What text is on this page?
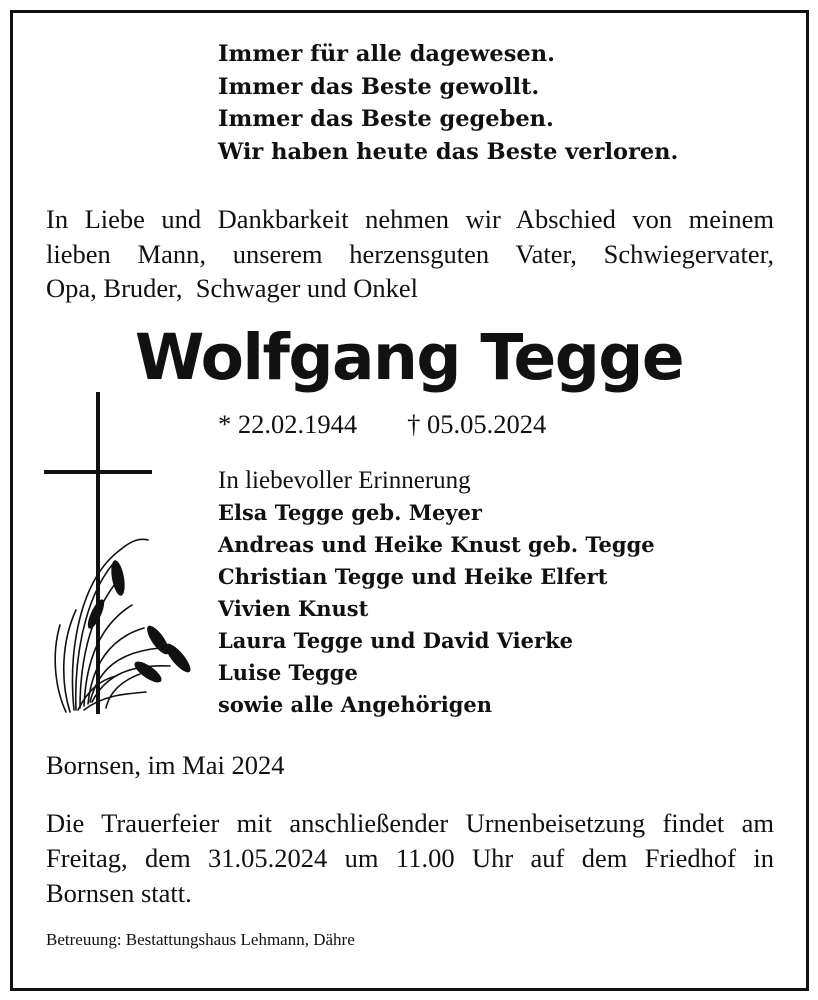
Immer für alle dagewesen.
Immer das Beste gewollt.
Immer das Beste gegeben.
Wir haben heute das Beste verloren.
In Liebe und Dankbarkeit nehmen wir Abschied von meinem
lieben Mann, unserem herzensguten Vater, Schwiegervater,
Opa, Bruder,  Schwager und Onkel
Wolfgang Tegge
* 22.02.1944 † 05.05.2024
In liebevoller Erinnerung
Elsa Tegge geb. Meyer
Andreas und Heike Knust geb. Tegge
Christian Tegge und Heike Elfert
Vivien Knust
Laura Tegge und David Vierke
Luise Tegge
sowie alle Angehörigen
Bornsen, im Mai 2024
Die Trauerfeier mit anschließender Urnenbeisetzung findet am
Freitag, dem 31.05.2024 um 11.00 Uhr auf dem Friedhof in
Bornsen statt.
Betreuung: Bestattungshaus Lehmann, Dähre
